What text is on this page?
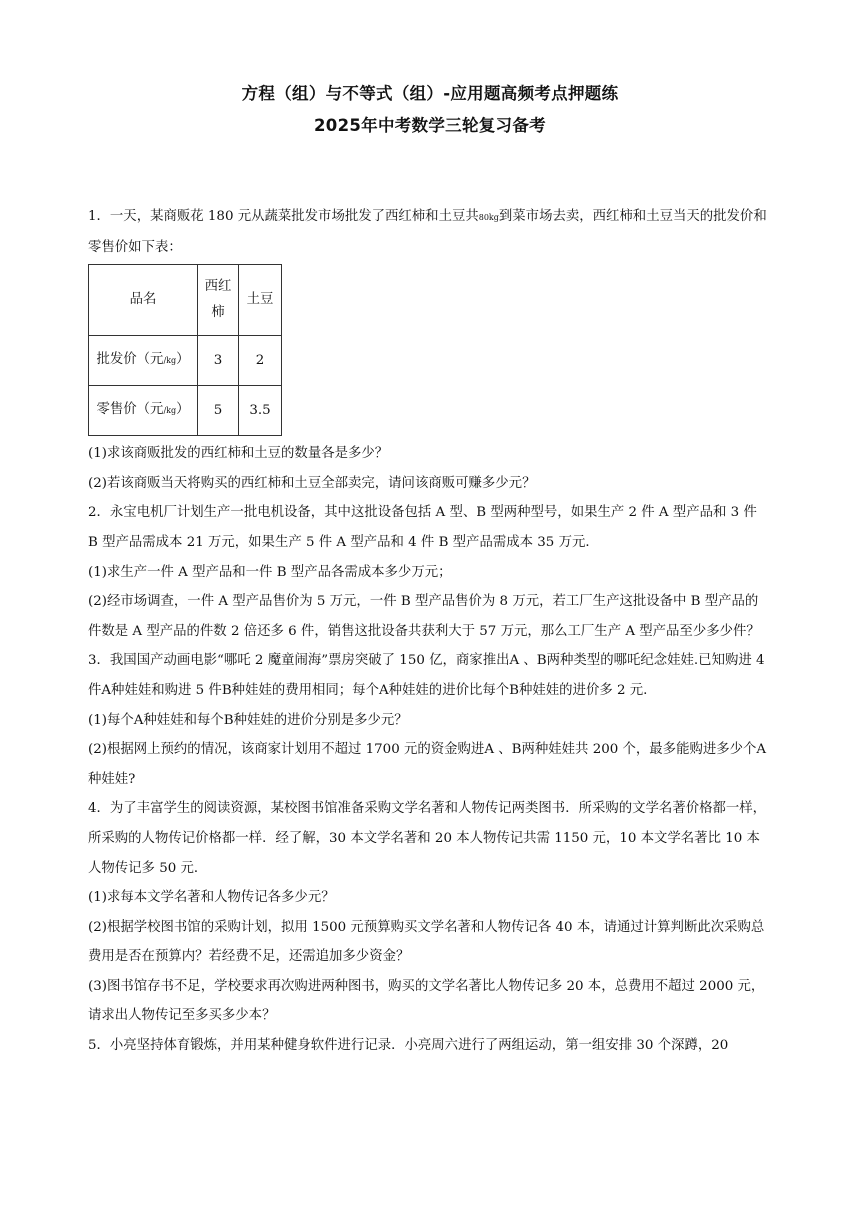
方程（组）与不等式（组）-应用题高频考点押题练
2025年中考数学三轮复习备考

1．一天，某商贩花 180 元从蔬菜批发市场批发了西红柿和土豆共80kg到菜市场去卖，西红柿和土豆当天的批发价和零售价如下表：

品名	西红柿	土豆
批发价（元/kg）	3	2
零售价（元/kg）	5	3.5

(1)求该商贩批发的西红柿和土豆的数量各是多少？

(2)若该商贩当天将购买的西红柿和土豆全部卖完，请问该商贩可赚多少元？

2．永宝电机厂计划生产一批电机设备，其中这批设备包括 A 型、B 型两种型号，如果生产 2 件 A 型产品和 3 件 B 型产品需成本 21 万元，如果生产 5 件 A 型产品和 4 件 B 型产品需成本 35 万元．

(1)求生产一件 A 型产品和一件 B 型产品各需成本多少万元；

(2)经市场调查，一件 A 型产品售价为 5 万元，一件 B 型产品售价为 8 万元，若工厂生产这批设备中 B 型产品的件数是 A 型产品的件数 2 倍还多 6 件，销售这批设备共获利大于 57 万元，那么工厂生产 A 型产品至少多少件？

3．我国国产动画电影“哪吒 2 魔童闹海”票房突破了 150 亿，商家推出A 、B两种类型的哪吒纪念娃娃.已知购进 4 件A种娃娃和购进 5 件B种娃娃的费用相同；每个A种娃娃的进价比每个B种娃娃的进价多 2 元.

(1)每个A种娃娃和每个B种娃娃的进价分别是多少元？

(2)根据网上预约的情况，该商家计划用不超过 1700 元的资金购进A 、B两种娃娃共 200 个，最多能购进多少个A种娃娃?

4．为了丰富学生的阅读资源，某校图书馆准备采购文学名著和人物传记两类图书．所采购的文学名著价格都一样，所采购的人物传记价格都一样．经了解，30 本文学名著和 20 本人物传记共需 1150 元，10 本文学名著比 10 本人物传记多 50 元．

(1)求每本文学名著和人物传记各多少元？

(2)根据学校图书馆的采购计划，拟用 1500 元预算购买文学名著和人物传记各 40 本，请通过计算判断此次采购总费用是否在预算内？若经费不足，还需追加多少资金？

(3)图书馆存书不足，学校要求再次购进两种图书，购买的文学名著比人物传记多 20 本，总费用不超过 2000 元，请求出人物传记至多买多少本？

5．小亮坚持体育锻炼，并用某种健身软件进行记录．小亮周六进行了两组运动，第一组安排 30 个深蹲，20
